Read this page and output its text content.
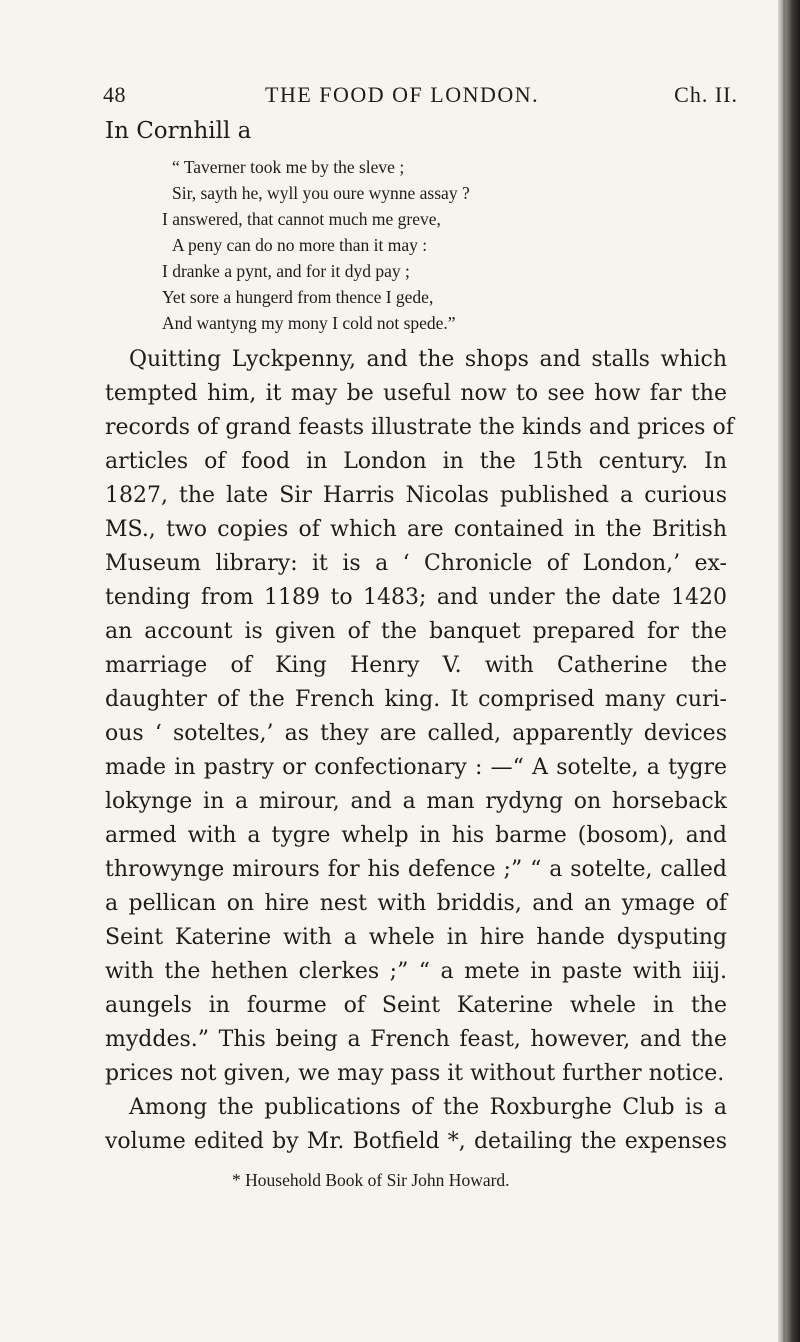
48	THE FOOD OF LONDON.	Ch. II.
In Cornhill a
“ Taverner took me by the sleve ;
Sir, sayth he, wyll you oure wynne assay ?
I answered, that cannot much me greve,
A peny can do no more than it may :
I dranke a pynt, and for it dyd pay ;
Yet sore a hungerd from thence I gede,
And wantyng my mony I cold not spede.”
Quitting Lyckpenny, and the shops and stalls which
tempted him, it may be useful now to see how far the
records of grand feasts illustrate the kinds and prices of
articles of food in London in the 15th century. In
1827, the late Sir Harris Nicolas published a curious
MS., two copies of which are contained in the British
Museum library: it is a ‘ Chronicle of London,’ ex-
tending from 1189 to 1483; and under the date 1420
an account is given of the banquet prepared for the
marriage of King Henry V. with Catherine the
daughter of the French king. It comprised many curi-
ous ‘ soteltes,’ as they are called, apparently devices
made in pastry or confectionary : —“ A sotelte, a tygre
lokynge in a mirour, and a man rydyng on horseback
armed with a tygre whelp in his barme (bosom), and
throwynge mirours for his defence ;” “ a sotelte, called
a pellican on hire nest with briddis, and an ymage of
Seint Katerine with a whele in hire hande dysputing
with the hethen clerkes ;” “ a mete in paste with iiij.
aungels in fourme of Seint Katerine whele in the
myddes.” This being a French feast, however, and the
prices not given, we may pass it without further notice.
Among the publications of the Roxburghe Club is a
volume edited by Mr. Botfield *, detailing the expenses
* Household Book of Sir John Howard.
